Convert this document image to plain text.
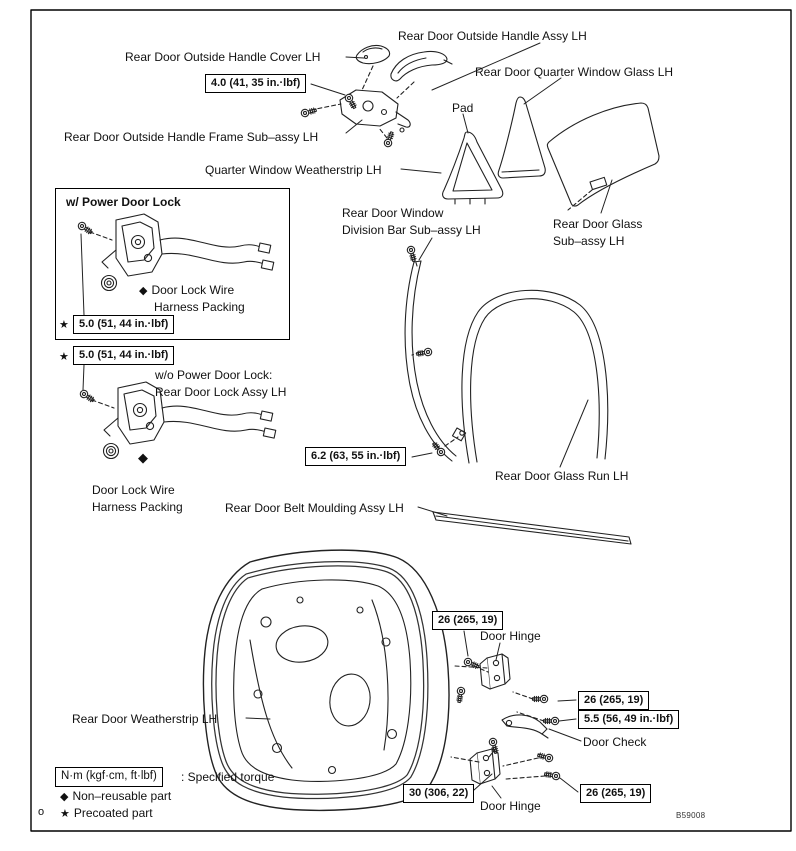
Rear Door Outside Handle Assy LH
Rear Door Outside Handle Cover LH
Rear Door Quarter Window Glass LH
4.0 (41, 35 in.·lbf)
Pad
Rear Door Outside Handle Frame Sub–assy LH
Quarter Window Weatherstrip LH
w/ Power Door Lock
◆ Door Lock Wire
Harness Packing
★ 5.0 (51, 44 in.·lbf)
★ 5.0 (51, 44 in.·lbf)
Rear Door Window
Division Bar Sub–assy LH	Rear Door Glass
Sub–assy LH
w/o Power Door Lock:
Rear Door Lock Assy LH
◆
Door Lock Wire
Harness Packing
6.2 (63, 55 in.·lbf)
Rear Door Glass Run LH
Rear Door Belt Moulding Assy LH
26 (265, 19)
Door Hinge
26 (265, 19)
5.5 (56, 49 in.·lbf)
Door Check
Rear Door Weatherstrip LH
30 (306, 22)	26 (265, 19)
Door Hinge
N·m (kgf·cm, ft·lbf)	: Specified torque
◆ Non–reusable part
★ Precoated part
o	B59008
